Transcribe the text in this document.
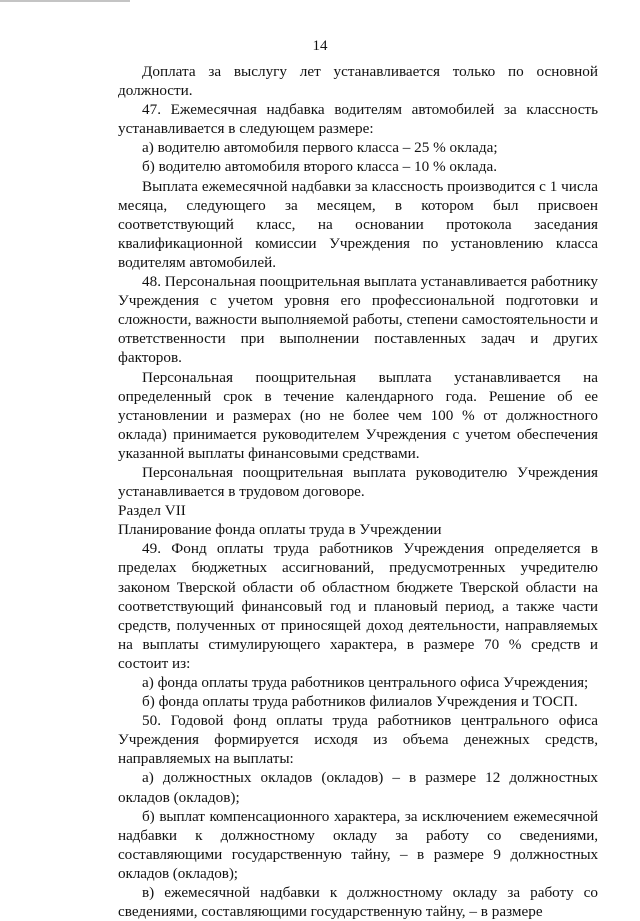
14

Доплата за выслугу лет устанавливается только по основной должности.

47. Ежемесячная надбавка водителям автомобилей за классность устанавливается в следующем размере:

а) водителю автомобиля первого класса – 25 % оклада;

б) водителю автомобиля второго класса – 10 % оклада.

Выплата ежемесячной надбавки за классность производится с 1 числа месяца, следующего за месяцем, в котором был присвоен соответствующий класс, на основании протокола заседания квалификационной комиссии Учреждения по установлению класса водителям автомобилей.

48. Персональная поощрительная выплата устанавливается работнику Учреждения с учетом уровня его профессиональной подготовки и сложности, важности выполняемой работы, степени самостоятельности и ответственности при выполнении поставленных задач и других факторов.

Персональная поощрительная выплата устанавливается на определенный срок в течение календарного года. Решение об ее установлении и размерах (но не более чем 100 % от должностного оклада) принимается руководителем Учреждения с учетом обеспечения указанной выплаты финансовыми средствами.

Персональная поощрительная выплата руководителю Учреждения устанавливается в трудовом договоре.

Раздел VII

Планирование фонда оплаты труда в Учреждении

49. Фонд оплаты труда работников Учреждения определяется в пределах бюджетных ассигнований, предусмотренных учредителю законом Тверской области об областном бюджете Тверской области на соответствующий финансовый год и плановый период, а также части средств, полученных от приносящей доход деятельности, направляемых на выплаты стимулирующего характера, в размере 70 % средств и состоит из:

а) фонда оплаты труда работников центрального офиса Учреждения;

б) фонда оплаты труда работников филиалов Учреждения и ТОСП.

50. Годовой фонд оплаты труда работников центрального офиса Учреждения формируется исходя из объема денежных средств, направляемых на выплаты:

а) должностных окладов (окладов) – в размере 12 должностных окладов (окладов);

б) выплат компенсационного характера, за исключением ежемесячной надбавки к должностному окладу за работу со сведениями, составляющими государственную тайну, – в размере 9 должностных окладов (окладов);

в) ежемесячной надбавки к должностному окладу за работу со сведениями, составляющими государственную тайну, – в размере
